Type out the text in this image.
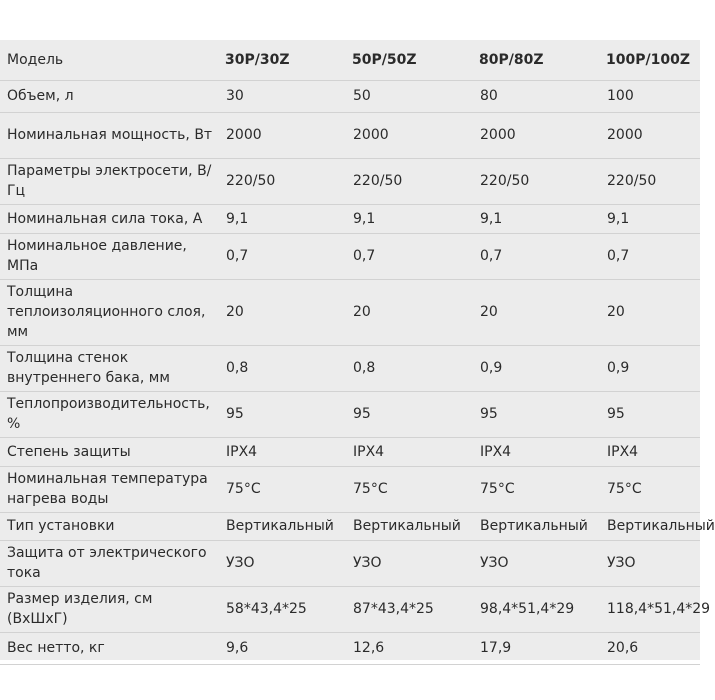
Модель	30P/30Z	50P/50Z	80P/80Z	100P/100Z
Объем, л	30	50	80	100
Номинальная мощность, Вт	2000	2000	2000	2000
Параметры электросети, В/Гц	220/50	220/50	220/50	220/50
Номинальная сила тока, А	9,1	9,1	9,1	9,1
Номинальное давление, МПа	0,7	0,7	0,7	0,7
Толщина теплоизоляционного слоя, мм	20	20	20	20
Толщина стенок внутреннего бака, мм	0,8	0,8	0,9	0,9
Теплопроизводительность, %	95	95	95	95
Степень защиты	IPX4	IPX4	IPX4	IPX4
Номинальная температура нагрева воды	75°C	75°C	75°C	75°C
Тип установки	Вертикальный	Вертикальный	Вертикальный	Вертикальный
Защита от электрического тока	УЗО	УЗО	УЗО	УЗО
Размер изделия, см (ВхШхГ)	58*43,4*25	87*43,4*25	98,4*51,4*29	118,4*51,4*29
Вес нетто, кг	9,6	12,6	17,9	20,6
